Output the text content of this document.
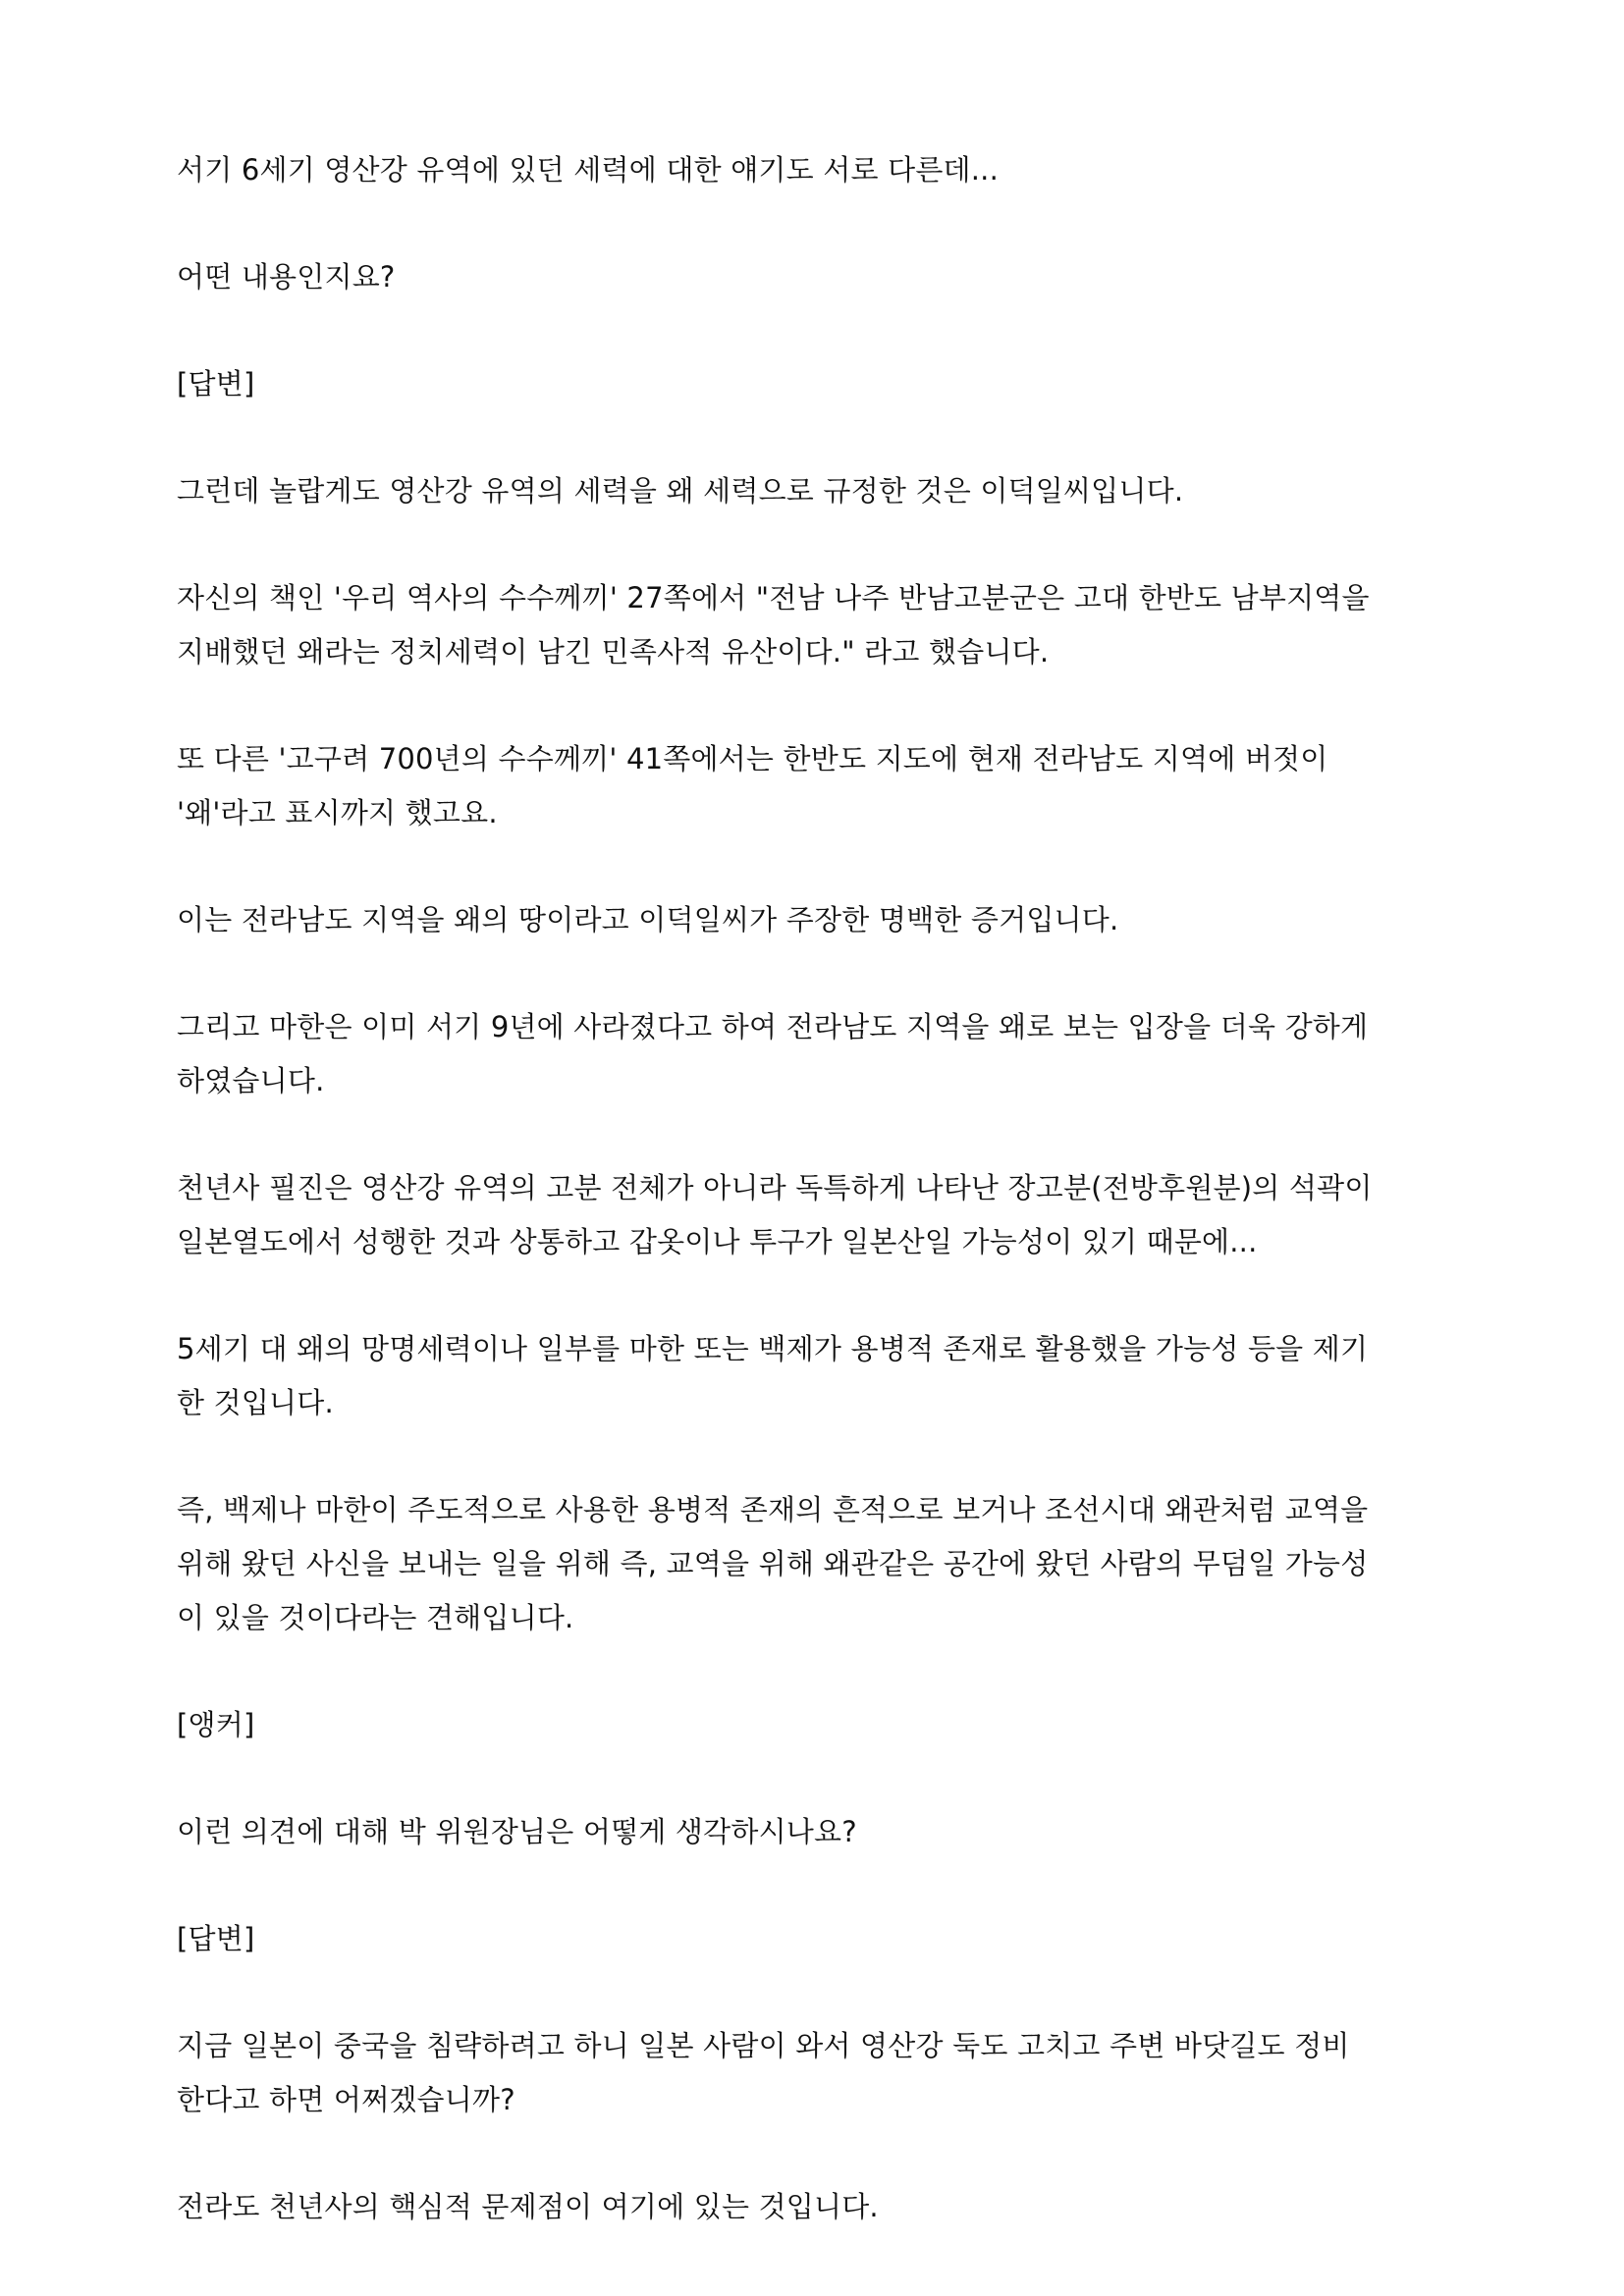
서기 6세기 영산강 유역에 있던 세력에 대한 얘기도 서로 다른데...

어떤 내용인지요?

[답변]

그런데 놀랍게도 영산강 유역의 세력을 왜 세력으로 규정한 것은 이덕일씨입니다.

자신의 책인 '우리 역사의 수수께끼' 27쪽에서 "전남 나주 반남고분군은 고대 한반도 남부지역을
지배했던 왜라는 정치세력이 남긴 민족사적 유산이다." 라고 했습니다.

또 다른 '고구려 700년의 수수께끼' 41쪽에서는 한반도 지도에 현재 전라남도 지역에 버젓이
'왜'라고 표시까지 했고요.

이는 전라남도 지역을 왜의 땅이라고 이덕일씨가 주장한 명백한 증거입니다.

그리고 마한은 이미 서기 9년에 사라졌다고 하여 전라남도 지역을 왜로 보는 입장을 더욱 강하게
하였습니다.

천년사 필진은 영산강 유역의 고분 전체가 아니라 독특하게 나타난 장고분(전방후원분)의 석곽이
일본열도에서 성행한 것과 상통하고 갑옷이나 투구가 일본산일 가능성이 있기 때문에...

5세기 대 왜의 망명세력이나 일부를 마한 또는 백제가 용병적 존재로 활용했을 가능성 등을 제기
한 것입니다.

즉, 백제나 마한이 주도적으로 사용한 용병적 존재의 흔적으로 보거나 조선시대 왜관처럼 교역을
위해 왔던 사신을 보내는 일을 위해 즉, 교역을 위해 왜관같은 공간에 왔던 사람의 무덤일 가능성
이 있을 것이다라는 견해입니다.

[앵커]

이런 의견에 대해 박 위원장님은 어떻게 생각하시나요?

[답변]

지금 일본이 중국을 침략하려고 하니 일본 사람이 와서 영산강 둑도 고치고 주변 바닷길도 정비
한다고 하면 어쩌겠습니까?

전라도 천년사의 핵심적 문제점이 여기에 있는 것입니다.
